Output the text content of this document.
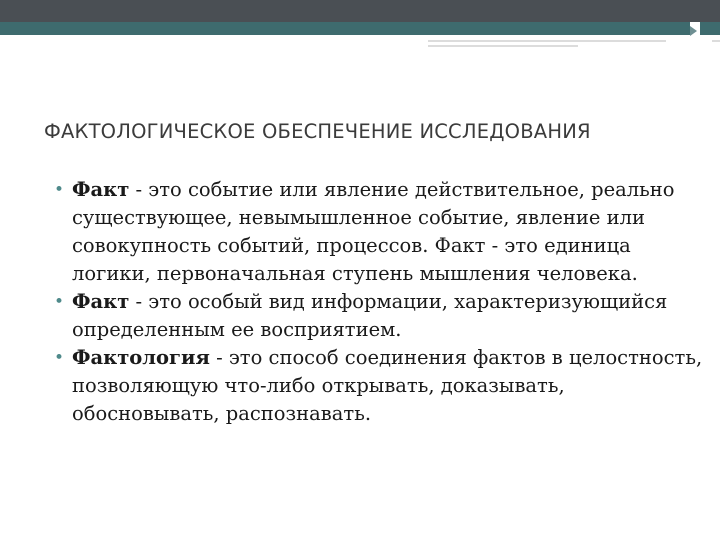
ФАКТОЛОГИЧЕСКОЕ ОБЕСПЕЧЕНИЕ ИССЛЕДОВАНИЯ
• Факт - это событие или явление действительное, реально существующее, невымышленное событие, явление или совокупность событий, процессов. Факт - это единица логики, первоначальная ступень мышления человека.
• Факт - это особый вид информации, характеризующийся определенным ее восприятием.
• Фактология - это способ соединения фактов в целостность, позволяющую что-либо открывать, доказывать, обосновывать, распознавать.
